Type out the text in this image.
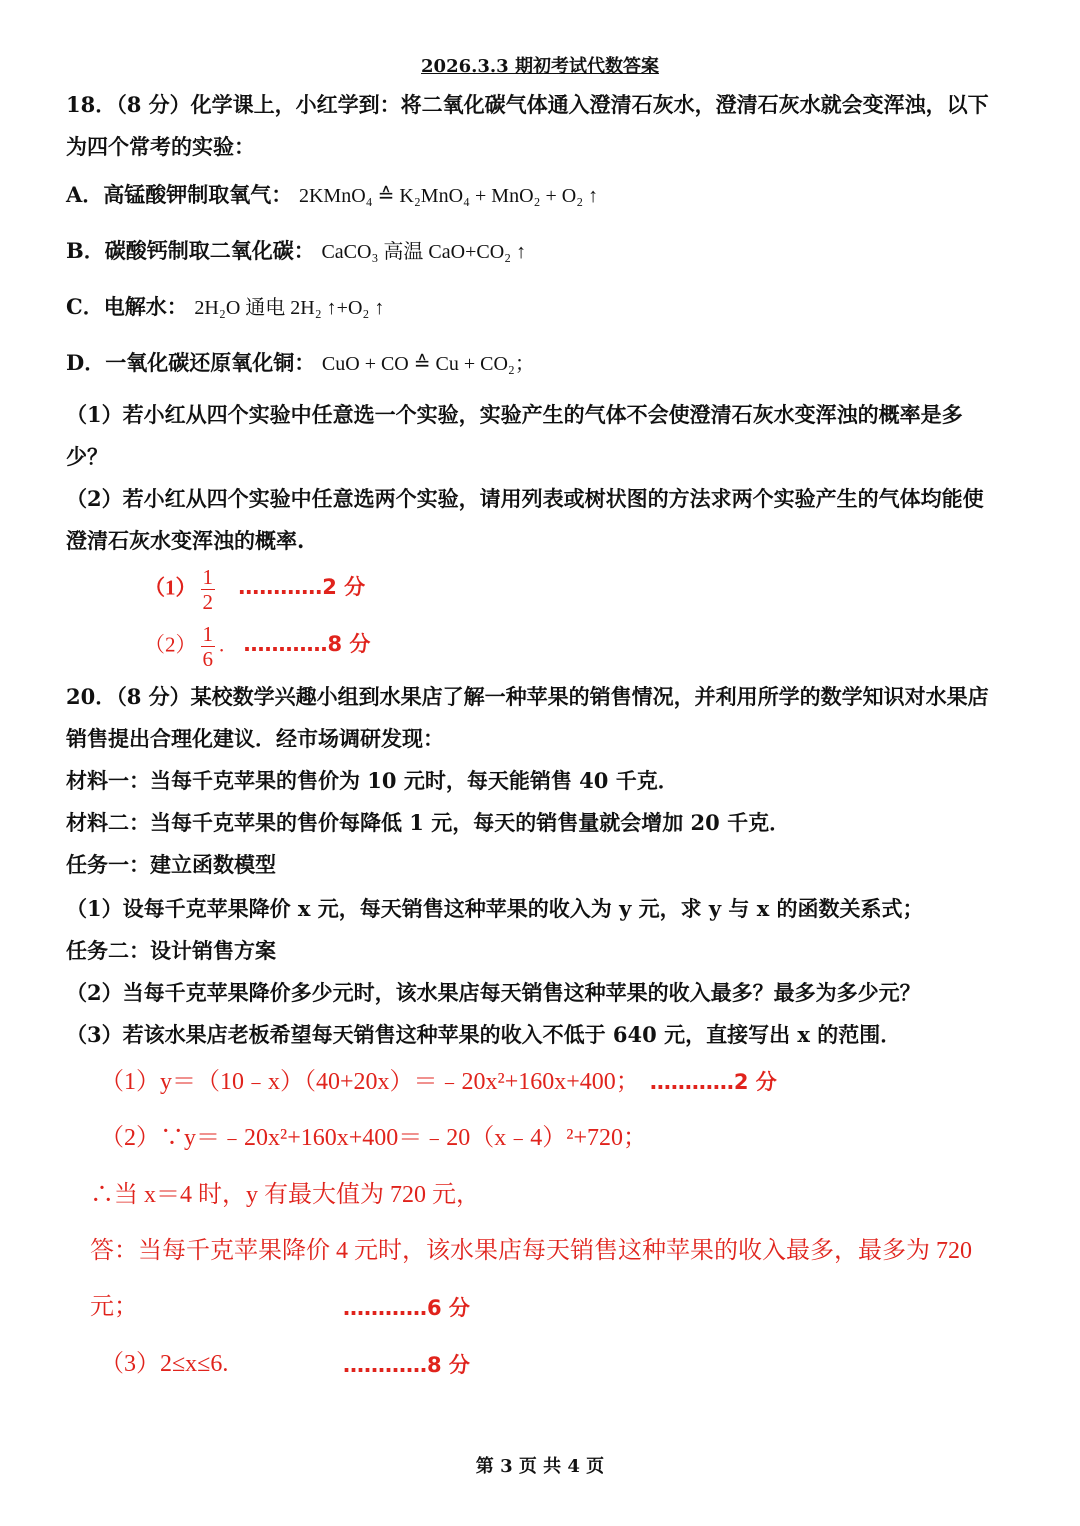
2026.3.3 期初考试代数答案
18．（8 分）化学课上，小红学到：将二氧化碳气体通入澄清石灰水，澄清石灰水就会变浑浊，以下
为四个常考的实验：
A．高锰酸钾制取氧气： 2KMnO₄ ≙ K₂MnO₄ + MnO₂ + O₂ ↑
B．碳酸钙制取二氧化碳： CaCO₃ 高温 CaO+CO₂ ↑
C．电解水： 2H₂O 通电 2H₂ ↑+O₂ ↑
D．一氧化碳还原氧化铜： CuO + CO ≙ Cu + CO₂；
（1）若小红从四个实验中任意选一个实验，实验产生的气体不会使澄清石灰水变浑浊的概率是多
少？
（2）若小红从四个实验中任意选两个实验，请用列表或树状图的方法求两个实验产生的气体均能使
澄清石灰水变浑浊的概率.
$(1) \frac{1}{2}$ …………2 分
$(2) \frac{1}{6}$ . …………8 分
20．（8 分）某校数学兴趣小组到水果店了解一种苹果的销售情况，并利用所学的数学知识对水果店
销售提出合理化建议．经市场调研发现：
材料一：当每千克苹果的售价为 10 元时，每天能销售 40 千克．
材料二：当每千克苹果的售价每降低 1 元，每天的销售量就会增加 20 千克．
任务一：建立函数模型
（1）设每千克苹果降价 x 元，每天销售这种苹果的收入为 y 元，求 y 与 x 的函数关系式；
任务二：设计销售方案
（2）当每千克苹果降价多少元时，该水果店每天销售这种苹果的收入最多？最多为多少元？
（3）若该水果店老板希望每天销售这种苹果的收入不低于 640 元，直接写出 x 的范围．
（1）y＝（10﹣x）（40+20x）＝﹣20x²+160x+400； …………2 分
（2）∵y＝﹣20x²+160x+400＝﹣20（x﹣4）²+720；
∴当 x＝4 时，y 有最大值为 720 元，
答：当每千克苹果降价 4 元时，该水果店每天销售这种苹果的收入最多，最多为 720
元；	…………6 分
（3）2≤x≤6.	…………8 分
第 3 页 共 4 页
